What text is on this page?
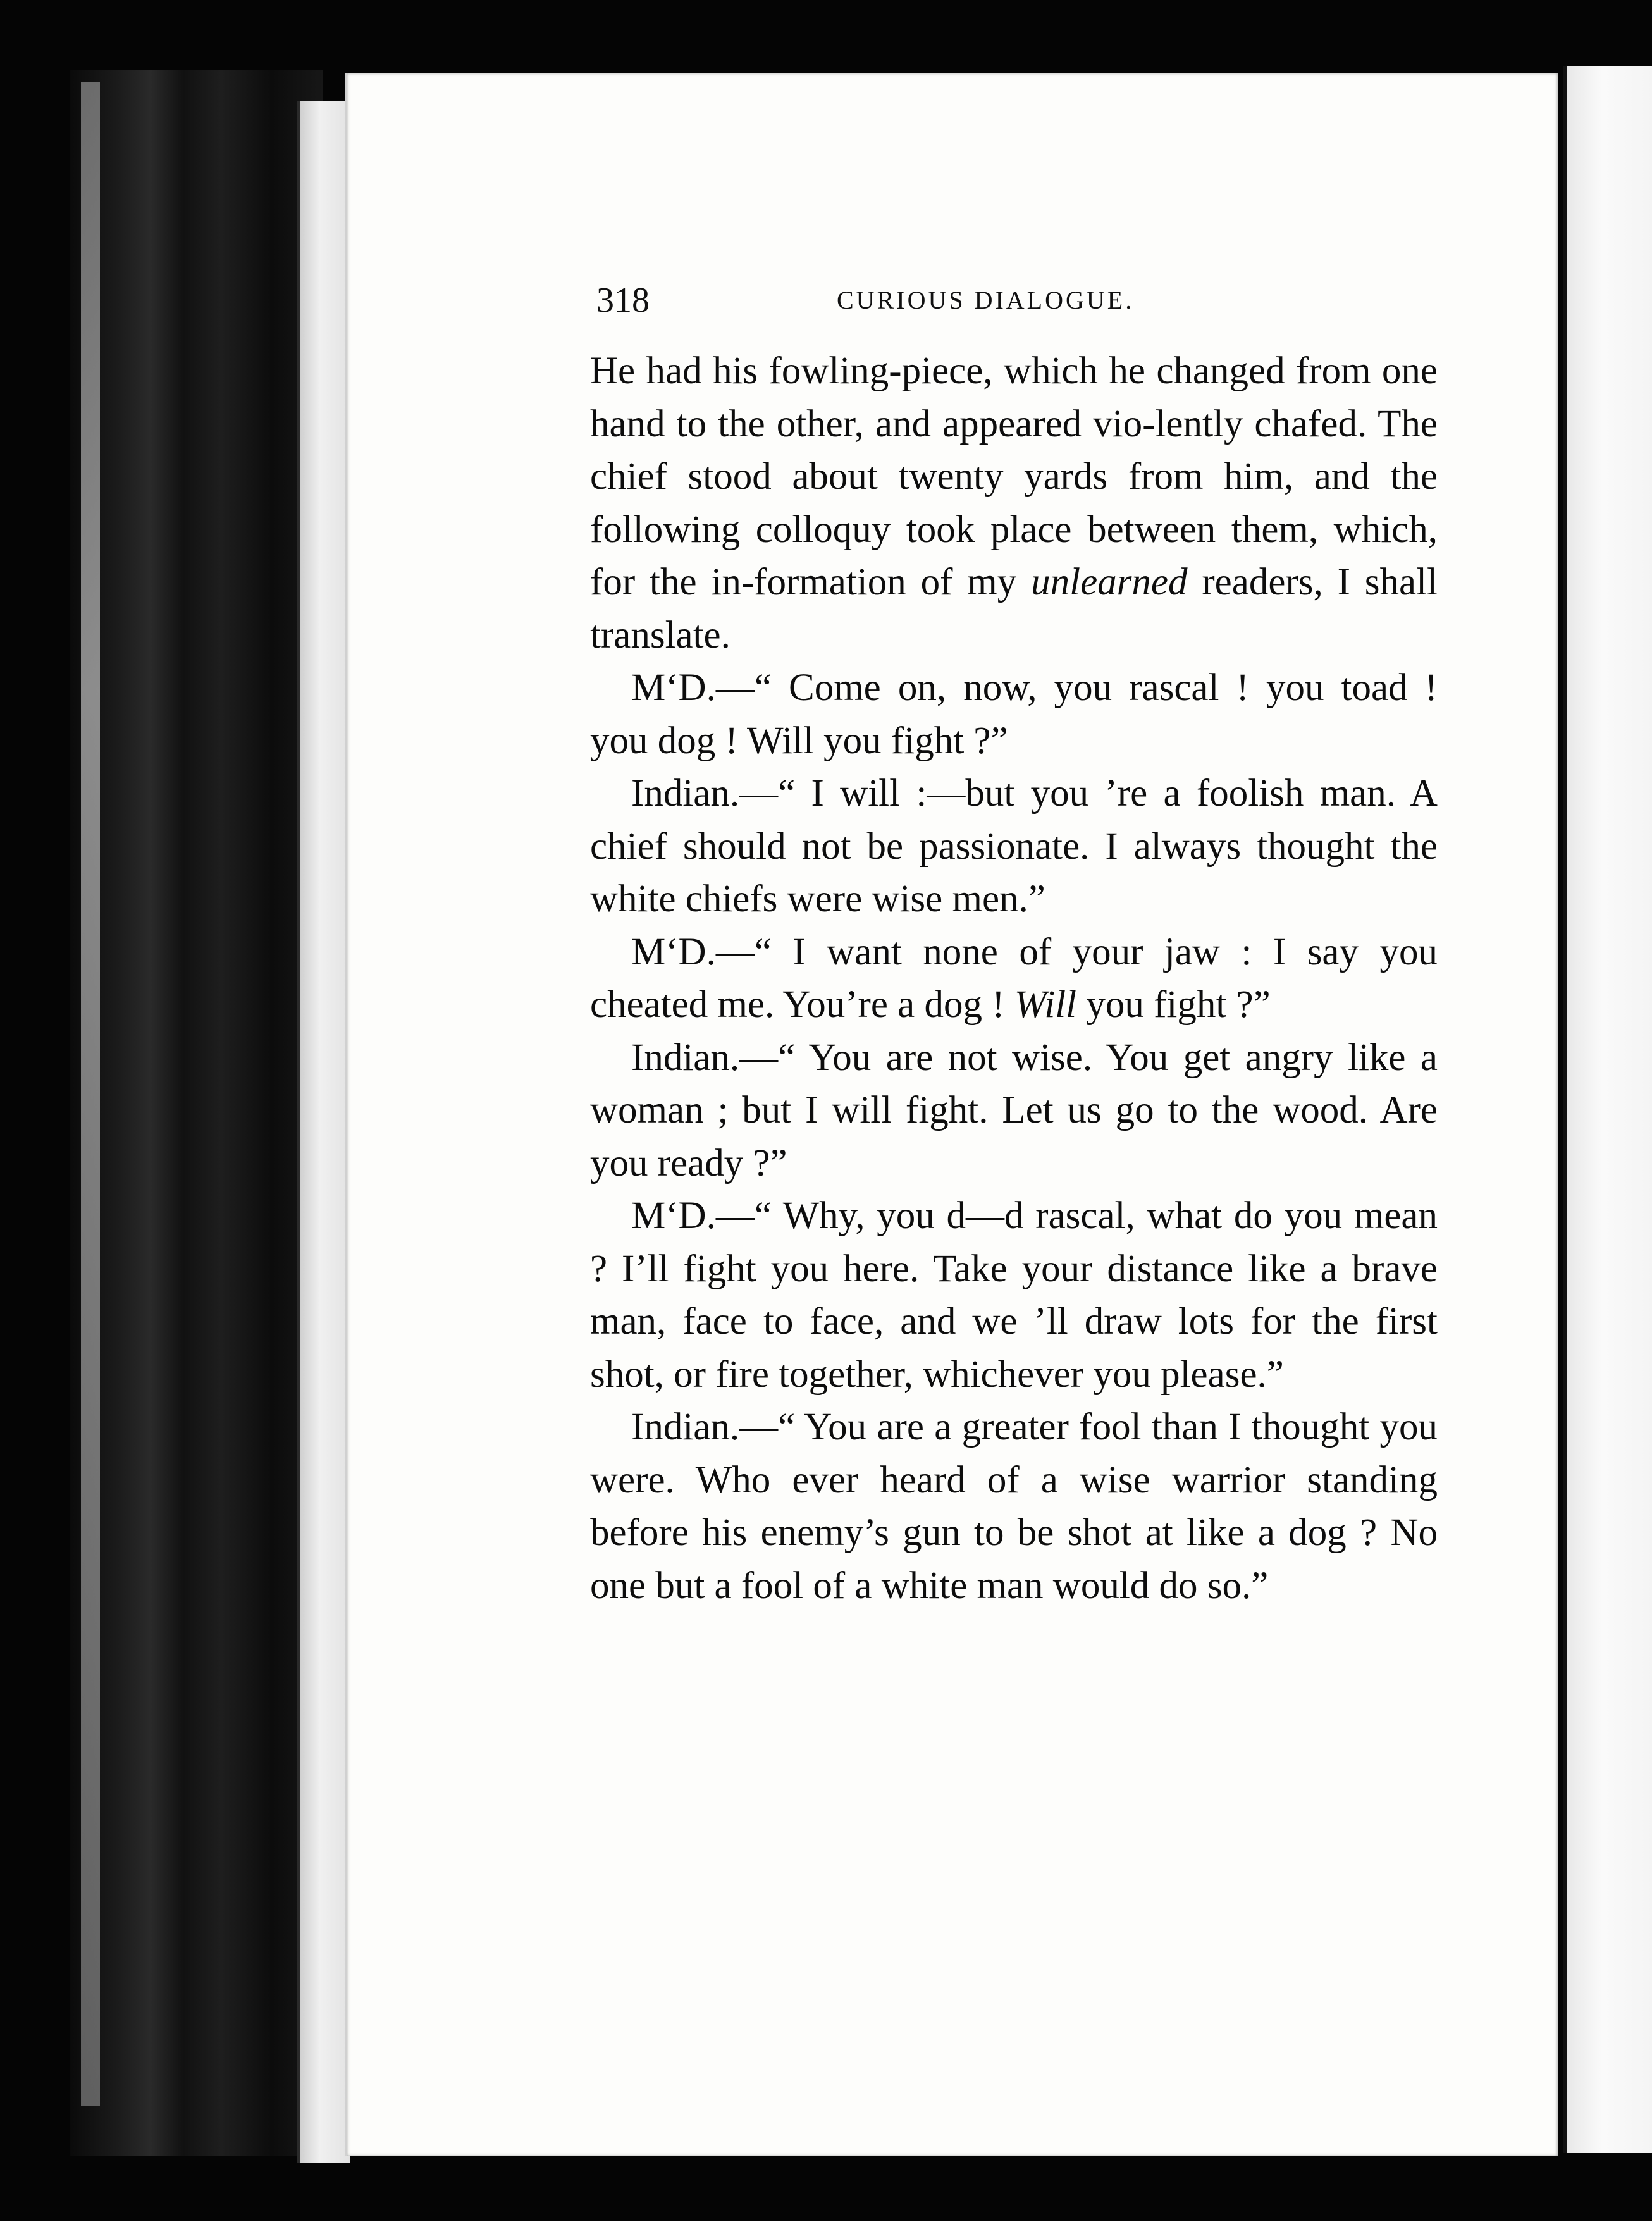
318	CURIOUS DIALOGUE.

He had his fowling-piece, which he changed from one hand to the other, and appeared vio-lently chafed. The chief stood about twenty yards from him, and the following colloquy took place between them, which, for the in-formation of my unlearned readers, I shall translate.

M‘D.—“ Come on, now, you rascal ! you toad ! you dog ! Will you fight ?”

Indian.—“ I will :—but you ’re a foolish man. A chief should not be passionate. I always thought the white chiefs were wise men.”

M‘D.—“ I want none of your jaw : I say you cheated me. You’re a dog ! Will you fight ?”

Indian.—“ You are not wise. You get angry like a woman ; but I will fight. Let us go to the wood. Are you ready ?”

M‘D.—“ Why, you d—d rascal, what do you mean ? I’ll fight you here. Take your distance like a brave man, face to face, and we ’ll draw lots for the first shot, or fire together, whichever you please.”

Indian.—“ You are a greater fool than I thought you were. Who ever heard of a wise warrior standing before his enemy’s gun to be shot at like a dog ? No one but a fool of a white man would do so.”
